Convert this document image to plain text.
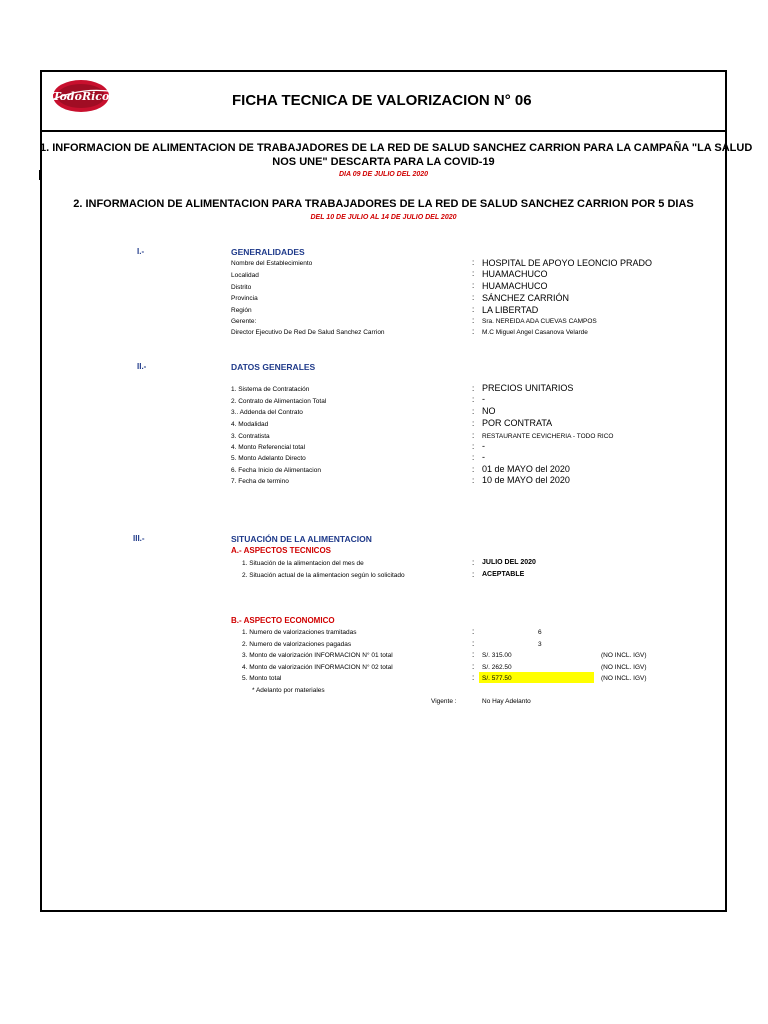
TodoRico	FICHA TECNICA DE VALORIZACION N° 06
1. INFORMACION DE ALIMENTACION DE TRABAJADORES DE LA RED DE SALUD SANCHEZ CARRION PARA LA CAMPAÑA "LA SALUD
NOS UNE" DESCARTA PARA LA COVID-19
DIA 09 DE JULIO DEL 2020
2. INFORMACION DE ALIMENTACION PARA TRABAJADORES DE LA RED DE SALUD SANCHEZ CARRION POR 5 DIAS
DEL 10 DE JULIO AL 14 DE JULIO DEL 2020
I.-	GENERALIDADES
Nombre del Establecimiento	: HOSPITAL DE APOYO LEONCIO PRADO
Localidad	: HUAMACHUCO
Distrito	: HUAMACHUCO
Provincia	: SÁNCHEZ CARRIÓN
Región	: LA LIBERTAD
Gerente:	: Sra. NEREIDA ADA CUEVAS CAMPOS
Director Ejecutivo De Red De Salud Sanchez Carrion	: M.C Miguel Angel Casanova Velarde
II.-	DATOS GENERALES
1. Sistema de Contratación	: PRECIOS UNITARIOS
2. Contrato de Alimentacion Total	: -
3.. Addenda del Contrato	: NO
4. Modalidad	: POR CONTRATA
3. Contratista	: RESTAURANTE CEVICHERIA - TODO RICO
4. Monto Referencial total	: -
5. Monto Adelanto Directo	: -
6. Fecha Inicio de Alimentacion	: 01 de MAYO del 2020
7. Fecha de termino	: 10 de MAYO del 2020
III.-	SITUACIÓN DE LA ALIMENTACION
A.- ASPECTOS TECNICOS
1. Situación de la alimentacion del mes de	: JULIO DEL 2020
2. Situación actual de la alimentacion según lo solicitado	: ACEPTABLE
B.- ASPECTO ECONOMICO
1. Numero de valorizaciones tramitadas	:	6
2. Numero de valorizaciones pagadas	:	3
3. Monto de valorización INFORMACION N° 01 total	: S/. 315.00	(NO INCL. IGV)
4. Monto de valorización INFORMACION N° 02 total	: S/. 262.50	(NO INCL. IGV)
5. Monto total	: S/. 577.50	(NO INCL. IGV)
* Adelanto por materiales
Vigente :	No Hay Adelanto
